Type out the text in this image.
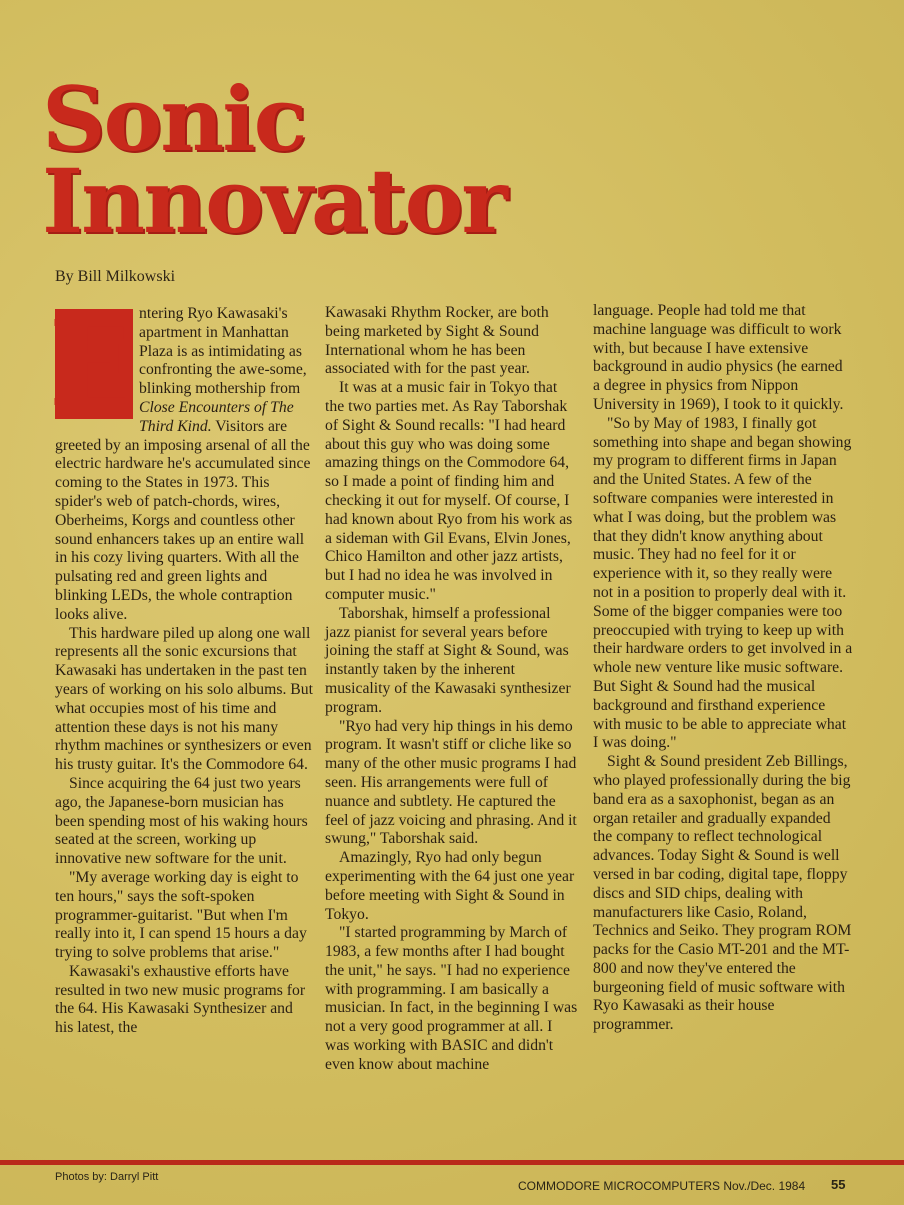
Sonic
Innovator
By Bill Milkowski
E ntering Ryo Kawasaki's apartment in Manhattan Plaza is as intimidating as confronting the awe-some, blinking mothership from Close Encounters of The Third Kind. Visitors are greeted by an imposing arsenal of all the electric hardware he's accumulated since coming to the States in 1973. This spider's web of patch-chords, wires, Oberheims, Korgs and countless other sound enhancers takes up an entire wall in his cozy living quarters. With all the pulsating red and green lights and blinking LEDs, the whole contraption looks alive.

This hardware piled up along one wall represents all the sonic excursions that Kawasaki has undertaken in the past ten years of working on his solo albums. But what occupies most of his time and attention these days is not his many rhythm machines or synthesizers or even his trusty guitar. It's the Commodore 64.

Since acquiring the 64 just two years ago, the Japanese-born musician has been spending most of his waking hours seated at the screen, working up innovative new software for the unit.

"My average working day is eight to ten hours," says the soft-spoken programmer-guitarist. "But when I'm really into it, I can spend 15 hours a day trying to solve problems that arise."

Kawasaki's exhaustive efforts have resulted in two new music programs for the 64. His Kawasaki Synthesizer and his latest, the

Kawasaki Rhythm Rocker, are both being marketed by Sight & Sound International whom he has been associated with for the past year.

It was at a music fair in Tokyo that the two parties met. As Ray Taborshak of Sight & Sound recalls: "I had heard about this guy who was doing some amazing things on the Commodore 64, so I made a point of finding him and checking it out for myself. Of course, I had known about Ryo from his work as a sideman with Gil Evans, Elvin Jones, Chico Hamilton and other jazz artists, but I had no idea he was involved in computer music."

Taborshak, himself a professional jazz pianist for several years before joining the staff at Sight & Sound, was instantly taken by the inherent musicality of the Kawasaki synthesizer program.

"Ryo had very hip things in his demo program. It wasn't stiff or cliche like so many of the other music programs I had seen. His arrangements were full of nuance and subtlety. He captured the feel of jazz voicing and phrasing. And it swung," Taborshak said.

Amazingly, Ryo had only begun experimenting with the 64 just one year before meeting with Sight & Sound in Tokyo.

"I started programming by March of 1983, a few months after I had bought the unit," he says. "I had no experience with programming. I am basically a musician. In fact, in the beginning I was not a very good programmer at all. I was working with BASIC and didn't even know about machine

language. People had told me that machine language was difficult to work with, but because I have extensive background in audio physics (he earned a degree in physics from Nippon University in 1969), I took to it quickly.

"So by May of 1983, I finally got something into shape and began showing my program to different firms in Japan and the United States. A few of the software companies were interested in what I was doing, but the problem was that they didn't know anything about music. They had no feel for it or experience with it, so they really were not in a position to properly deal with it. Some of the bigger companies were too preoccupied with trying to keep up with their hardware orders to get involved in a whole new venture like music software. But Sight & Sound had the musical background and firsthand experience with music to be able to appreciate what I was doing."

Sight & Sound president Zeb Billings, who played professionally during the big band era as a saxophonist, began as an organ retailer and gradually expanded the company to reflect technological advances. Today Sight & Sound is well versed in bar coding, digital tape, floppy discs and SID chips, dealing with manufacturers like Casio, Roland, Technics and Seiko. They program ROM packs for the Casio MT-201 and the MT-800 and now they've entered the burgeoning field of music software with Ryo Kawasaki as their house programmer.

Photos by: Darryl Pitt
COMMODORE MICROCOMPUTERS Nov./Dec. 1984 55
